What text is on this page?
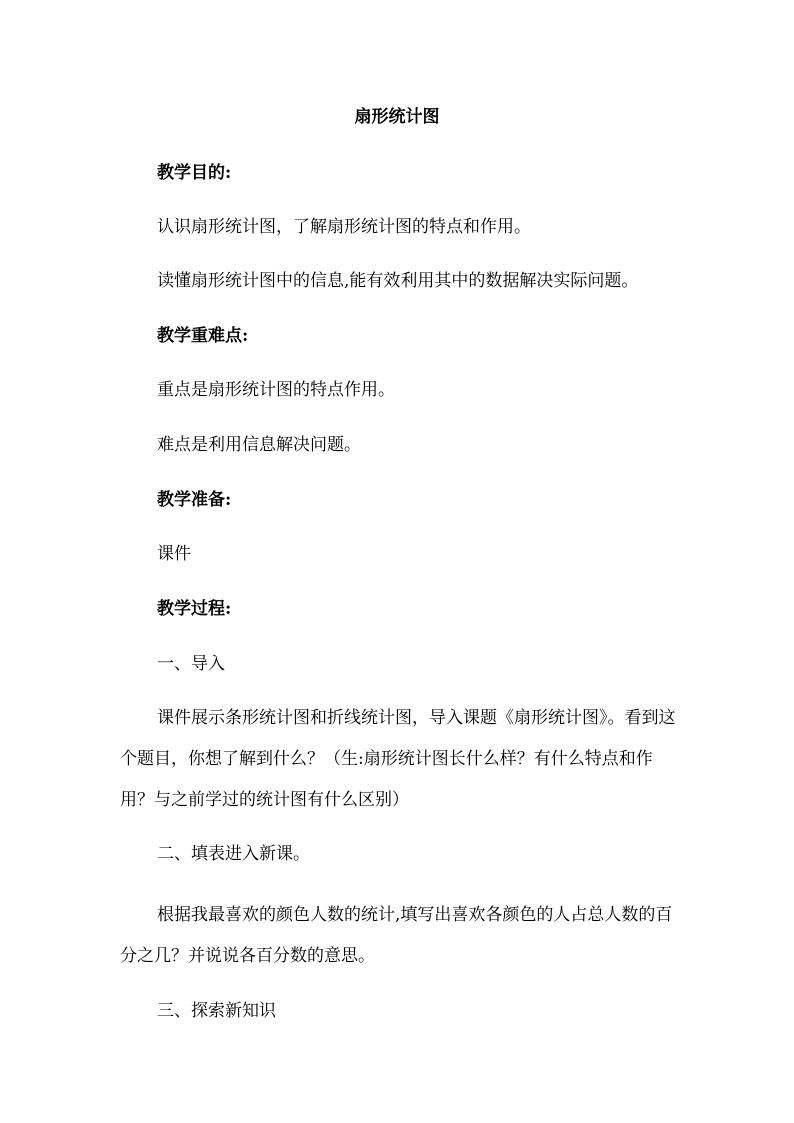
扇形统计图
教学目的:
认识扇形统计图，了解扇形统计图的特点和作用。
读懂扇形统计图中的信息,能有效利用其中的数据解决实际问题。
教学重难点:
重点是扇形统计图的特点作用。
难点是利用信息解决问题。
教学准备:
课件
教学过程:
一、导入
课件展示条形统计图和折线统计图，导入课题《扇形统计图》。看到这个题目，你想了解到什么？（生:扇形统计图长什么样？有什么特点和作用？与之前学过的统计图有什么区别）
二、填表进入新课。
根据我最喜欢的颜色人数的统计,填写出喜欢各颜色的人占总人数的百分之几？并说说各百分数的意思。
三、探索新知识
